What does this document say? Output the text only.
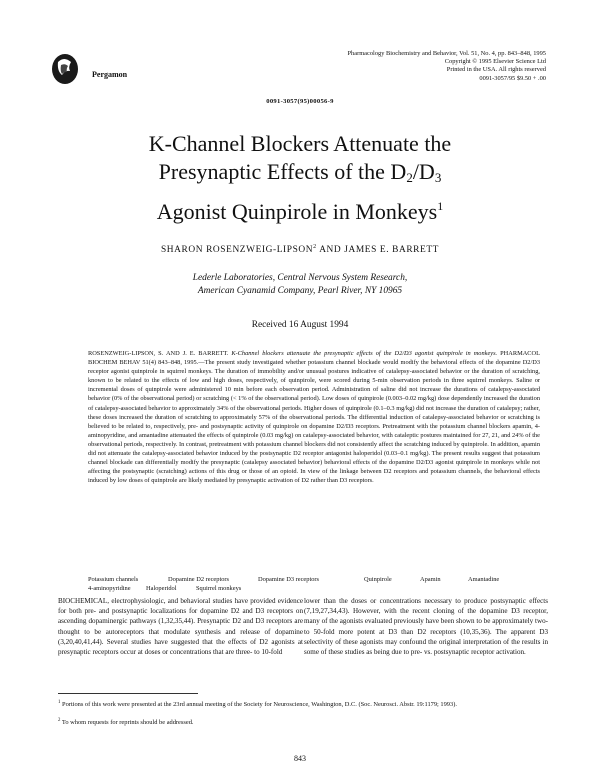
Pergamon
Pharmacology Biochemistry and Behavior, Vol. 51, No. 4, pp. 843–848, 1995
Copyright © 1995 Elsevier Science Ltd
Printed in the USA. All rights reserved
0091-3057/95 $9.50 + .00
0091-3057(95)00056-9
K-Channel Blockers Attenuate the
Presynaptic Effects of the $D_2/D_3$
Agonist Quinpirole in Monkeys$^1$
SHARON ROSENZWEIG-LIPSON$^2$ AND JAMES E. BARRETT
Lederle Laboratories, Central Nervous System Research,
American Cyanamid Company, Pearl River, NY 10965
Received 16 August 1994
ROSENZWEIG-LIPSON, S. AND J. E. BARRETT. K-Channel blockers attenuate the presynaptic effects of the D2/D3 agonist quinpirole in monkeys. PHARMACOL BIOCHEM BEHAV 51(4) 843–848, 1995.—The present study investigated whether potassium channel blockade would modify the behavioral effects of the dopamine D2/D3 receptor agonist quinpirole in squirrel monkeys. The duration of immobility and/or unusual postures indicative of catalepsy-associated behavior or the duration of scratching, known to be related to the effects of low and high doses, respectively, of quinpirole, were scored during 5-min observation periods in three squirrel monkeys. Saline or incremental doses of quinpirole were administered 10 min before each observation period. Administration of saline did not increase the durations of catalepsy-associated behavior (0% of the observational period) or scratching (< 1% of the observational period). Low doses of quinpirole (0.003–0.02 mg/kg) dose dependently increased the duration of catalepsy-associated behavior to approximately 34% of the observational periods. Higher doses of quinpirole (0.1–0.3 mg/kg) did not increase the duration of catalepsy; rather, these doses increased the duration of scratching to approximately 57% of the observational periods. The differential induction of catalepsy-associated behavior or scratching is believed to be related to, respectively, pre- and postsynaptic activity of quinpirole on dopamine D2/D3 receptors. Pretreatment with the potassium channel blockers apamin, 4-aminopyridine, and amantadine attenuated the effects of quinpirole (0.03 mg/kg) on catalepsy-associated behavior, with cataleptic postures maintained for 27, 21, and 24% of the observational periods, respectively. In contrast, pretreatment with potassium channel blockers did not consistently affect the scratching induced by quinpirole. In addition, apamin did not attenuate the catalepsy-associated behavior induced by the postsynaptic D2 receptor antagonist haloperidol (0.03–0.1 mg/kg). The present results suggest that potassium channel blockade can differentially modify the presynaptic (catalepsy associated behavior) behavioral effects of the dopamine D2/D3 agonist quinpirole in monkeys while not affecting the postsynaptic (scratching) actions of this drug or those of an opioid. In view of the linkage between D2 receptors and potassium channels, the behavioral effects induced by low doses of quinpirole are likely mediated by presynaptic activation of D2 rather than D3 receptors.
Potassium channels	Dopamine D2 receptors	Dopamine D3 receptors	Quinpirole	Apamin	Amantadine
4-aminopyridine Haloperidol	Squirrel monkeys
BIOCHEMICAL, electrophysiologic, and behavioral studies have provided evidence for both pre- and postsynaptic localizations for dopamine D2 and D3 receptors on ascending dopaminergic pathways (1,32,35,44). Presynaptic D2 and D3 receptors are thought to be autoreceptors that modulate synthesis and release of dopamine (3,20,40,41,44). Several studies have suggested that the effects of D2 agonists at presynaptic receptors occur at doses or concentrations that are three- to 10-fold
lower than the doses or concentrations necessary to produce postsynaptic effects (7,19,27,34,43). However, with the recent cloning of the dopamine D3 receptor, many of the agonists evaluated previously have been shown to be approximately two- to 50-fold more potent at D3 than D2 receptors (10,35,36). The apparent D3 selectivity of these agonists may confound the original interpretation of the results in some of these studies as being due to pre- vs. postsynaptic receptor activation.
$^1$ Portions of this work were presented at the 23rd annual meeting of the Society for Neuroscience, Washington, D.C. (Soc. Neurosci. Abstr. 19:1179; 1993).
$^2$ To whom requests for reprints should be addressed.
843
